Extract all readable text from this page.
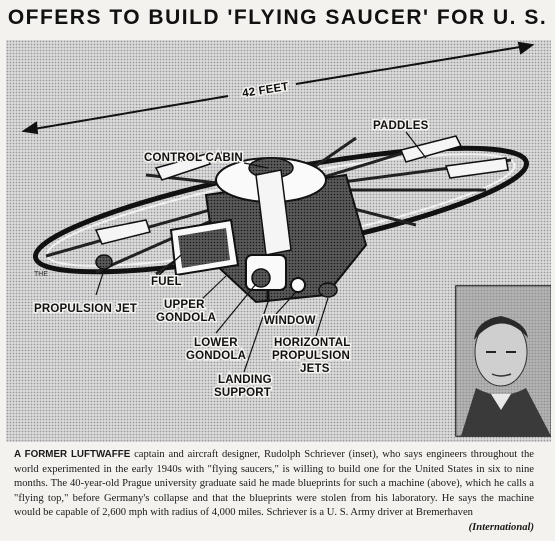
OFFERS TO BUILD 'FLYING SAUCER' FOR U. S.
42 FEET
PADDLES
CONTROL CABIN
FUEL
PROPULSION JET	UPPER GONDOLA
LOWER GONDOLA
WINDOW
HORIZONTAL PROPULSION JETS
LANDING SUPPORT
THE
A FORMER LUFTWAFFE captain and aircraft designer, Rudolph Schriever (inset), who says engineers throughout the world experimented in the early 1940s with "flying saucers," is willing to build one for the United States in six to nine months. The 40-year-old Prague university graduate said he made blueprints for such a machine (above), which he calls a "flying top," before Germany's collapse and that the blueprints were stolen from his laboratory. He says the machine would be capable of 2,600 mph with radius of 4,000 miles. Schriever is a U. S. Army driver at Bremerhaven
(International)
